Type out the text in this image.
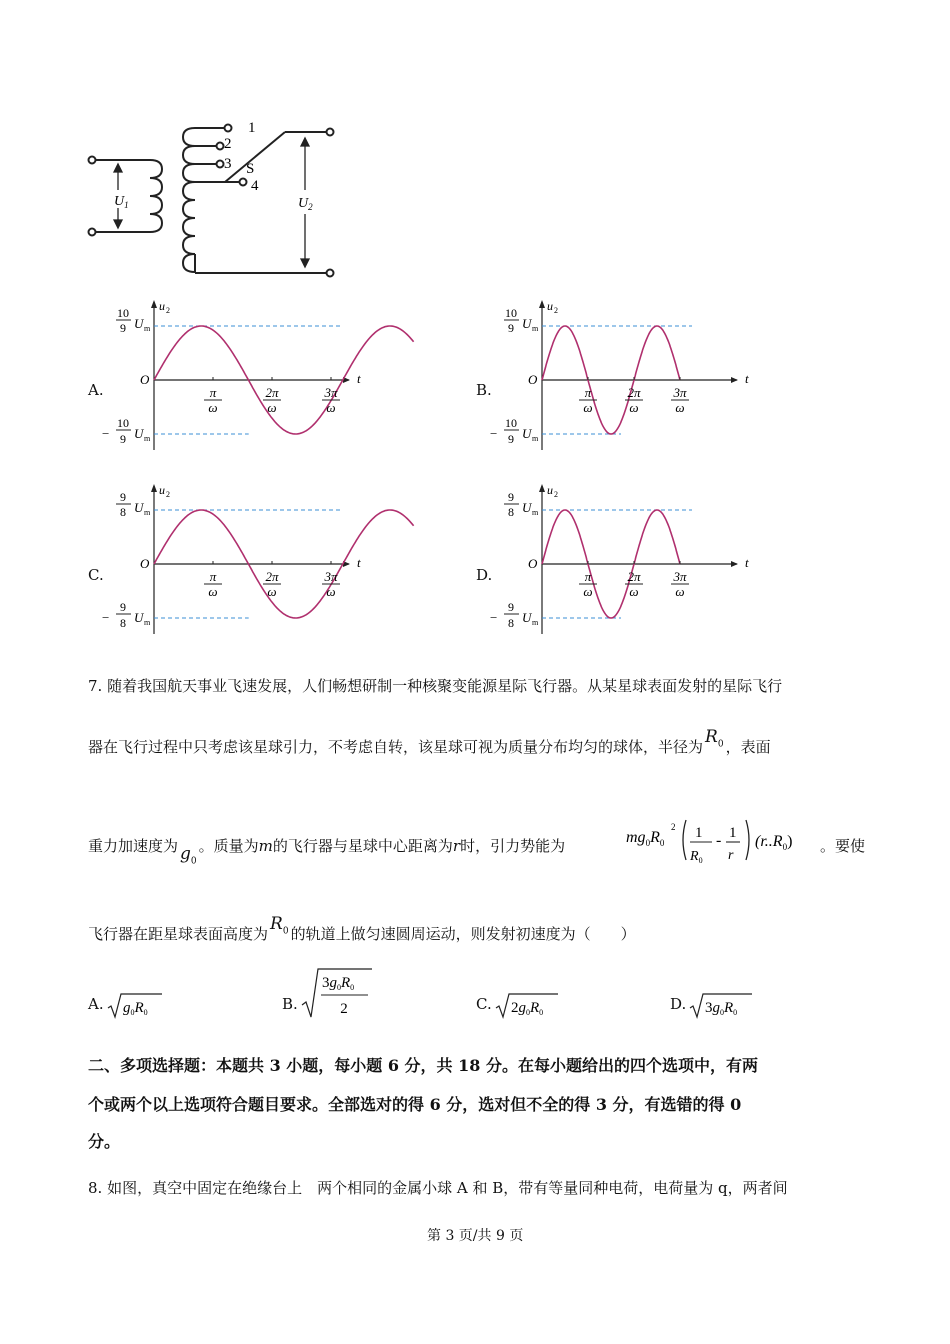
1
2
3 S
4
$U_1$	$U_2$
A.	π
ω
2π
ω
3π
ω
O	t
u 2
10
9 U m
−
10
9 U m
B.	π
ω
2π
ω
3π
ω
O	t
u 2
10
9 U m
−
10
9 U m
C.	π
ω
2π
ω
3π
ω
O	t
u 2
9
8 U m
−
9
8 U m
D.	π
ω
2π
ω
3π
ω
O	t
u 2
9
8 U m
−
9
8 U m
7. 随着我国航天事业飞速发展，人们畅想研制一种核聚变能源星际飞行器。从某星球表面发射的星际飞行
器在飞行过程中只考虑该星球引力，不考虑自转，该星球可视为质量分布均匀的球体，半径为 $R_0$ ，表面
重力加速度为 $g_0$。质量为m的飞行器与星球中心距离为r时，引力势能为	$mg_0R_0$
2 1
$R_0$
- 1
r
$(r..R_0)$ 。要使
飞行器在距星球表面高度为 $R_0$ 的轨道上做匀速圆周运动，则发射初速度为（　　）
A. $g_0R_0$	B.
$3g_0R_0$
2	C. $2g_0R_0$	D. $3g_0R_0$
二、多项选择题：本题共 3 小题，每小题 6 分，共 18 分。在每小题给出的四个选项中，有两
个或两个以上选项符合题目要求。全部选对的得 6 分，选对但不全的得 3 分，有选错的得 0
分。
8. 如图，真空中固定在绝缘台上　两个相同的金属小球 A 和 B，带有等量同种电荷，电荷量为 q，两者间
第 3 页/共 9 页
